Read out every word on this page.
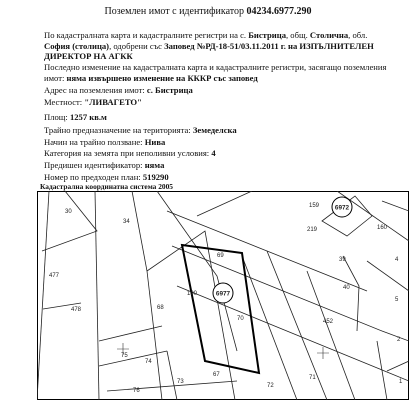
Поземлен имот с идентификатор 04234.6977.290
По кадастралната карта и кадастралните регистри на с. Бистрица, общ. Столична, обл.
София (столица), одобрени със Заповед №РД-18-51/03.11.2011 г. на ИЗПЪЛНИТЕЛЕН
ДИРЕКТОР НА АГКК
Последно изменение на кадастралната карта и кадастралните регистри, засягащо поземления
имот: няма извършено изменение на КККР със заповед
Адрес на поземления имот: с. Бистрица
Местност: "ЛИВАГЕТО"
Площ: 1257 кв.м
Трайно предназначение на територията: Земеделска
Начин на трайно ползване: Нива
Категория на земята при неполивни условия: 4
Предишен идентификатор: няма
Номер по предходен план: 519290
Кадастрална координатна система 2005
30
34
477
478	68
69
70
71
72
73
74
75
76
67
159
219	160
39
40
452
190
4
5
2
1
6977
6972
